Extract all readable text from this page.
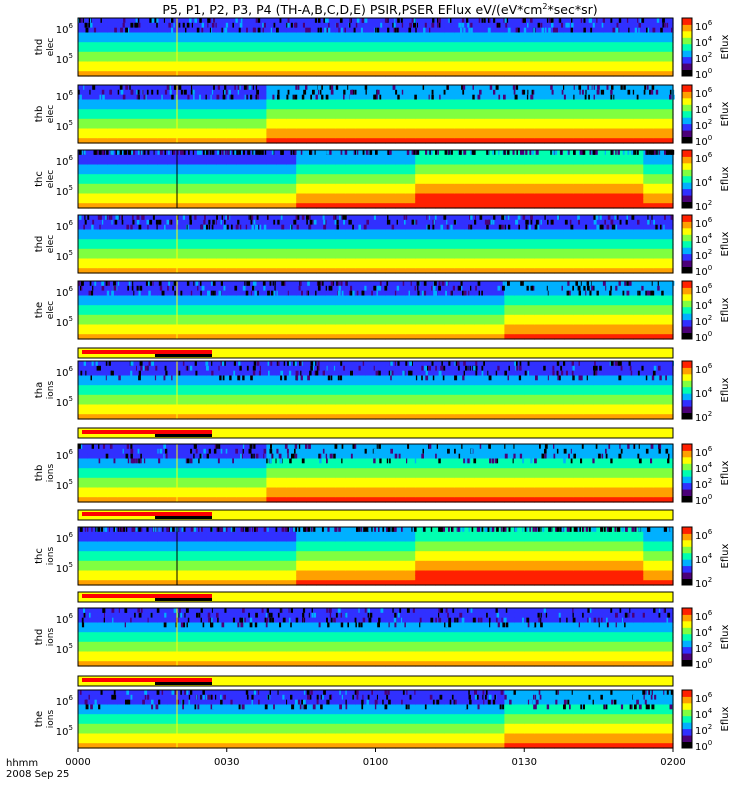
P5, P1, P2, P3, P4 (TH-A,B,C,D,E) PSIR,PSER EFlux $eV/(eV*cm^2*\sec*sr)$
$10^6$
$10^5$
thdelec
$10^6$
$10^4$
$10^2$
$10^0$
Eflux
$10^6$
$10^5$
thbelec
$10^6$
$10^4$
$10^2$
$10^0$
Eflux
$10^6$
$10^5$
thcelec
$10^6$
$10^4$
$10^2$
Eflux
$10^6$
$10^5$
thdelec
$10^6$
$10^4$
$10^2$
$10^0$
Eflux
$10^6$
$10^5$
theelec
$10^6$
$10^4$
$10^2$
$10^0$
Eflux
$10^6$
$10^5$
thaions
$10^6$
$10^4$
$10^2$
Eflux
$10^6$
$10^5$
thbions
$10^6$
$10^4$
$10^2$
$10^0$
Eflux
$10^6$
$10^5$
thcions
$10^6$
$10^4$
$10^2$
Eflux
$10^6$
$10^5$
thdions
$10^6$
$10^4$
$10^2$
$10^0$
Eflux
$10^6$
$10^5$
theions
$10^6$
$10^4$
$10^2$
$10^0$
Eflux
hhmm
2008 Sep 25
0000	0030	0100	0130	0200
